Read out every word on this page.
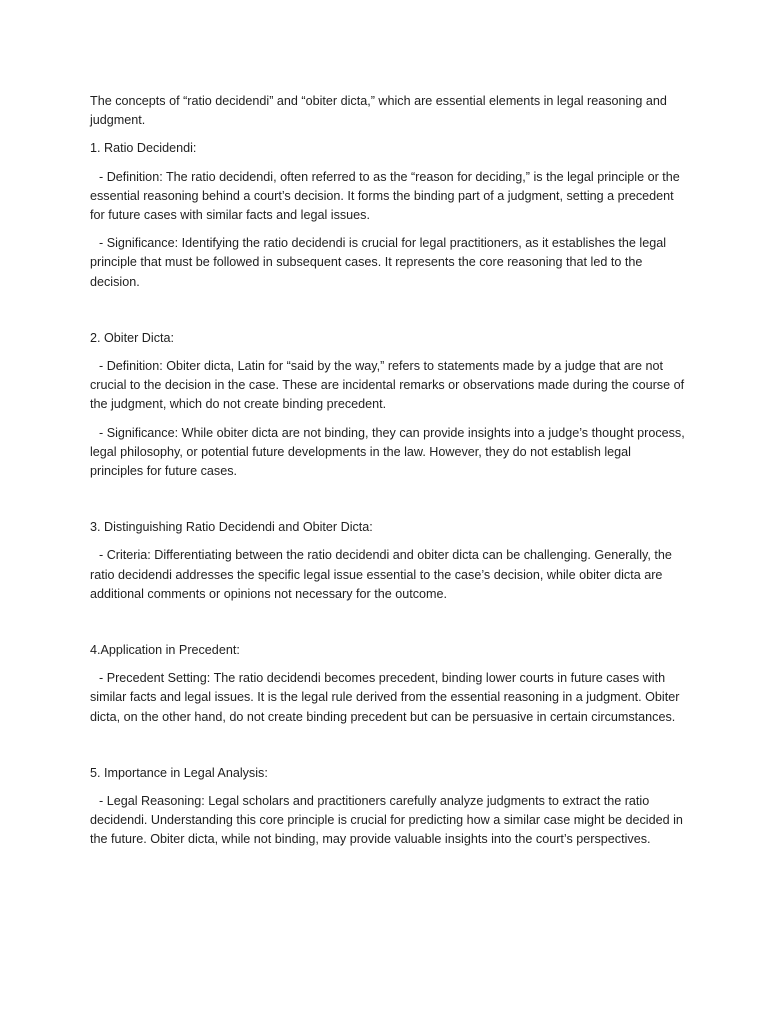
The concepts of “ratio decidendi” and “obiter dicta,” which are essential elements in legal reasoning and judgment.

1. Ratio Decidendi:

- Definition: The ratio decidendi, often referred to as the “reason for deciding,” is the legal principle or the essential reasoning behind a court’s decision. It forms the binding part of a judgment, setting a precedent for future cases with similar facts and legal issues.

- Significance: Identifying the ratio decidendi is crucial for legal practitioners, as it establishes the legal principle that must be followed in subsequent cases. It represents the core reasoning that led to the decision.

2. Obiter Dicta:

- Definition: Obiter dicta, Latin for “said by the way,” refers to statements made by a judge that are not crucial to the decision in the case. These are incidental remarks or observations made during the course of the judgment, which do not create binding precedent.

- Significance: While obiter dicta are not binding, they can provide insights into a judge’s thought process, legal philosophy, or potential future developments in the law. However, they do not establish legal principles for future cases.

3. Distinguishing Ratio Decidendi and Obiter Dicta:

- Criteria: Differentiating between the ratio decidendi and obiter dicta can be challenging. Generally, the ratio decidendi addresses the specific legal issue essential to the case’s decision, while obiter dicta are additional comments or opinions not necessary for the outcome.

4.Application in Precedent:

- Precedent Setting: The ratio decidendi becomes precedent, binding lower courts in future cases with similar facts and legal issues. It is the legal rule derived from the essential reasoning in a judgment. Obiter dicta, on the other hand, do not create binding precedent but can be persuasive in certain circumstances.

5. Importance in Legal Analysis:

- Legal Reasoning: Legal scholars and practitioners carefully analyze judgments to extract the ratio decidendi. Understanding this core principle is crucial for predicting how a similar case might be decided in the future. Obiter dicta, while not binding, may provide valuable insights into the court’s perspectives.
